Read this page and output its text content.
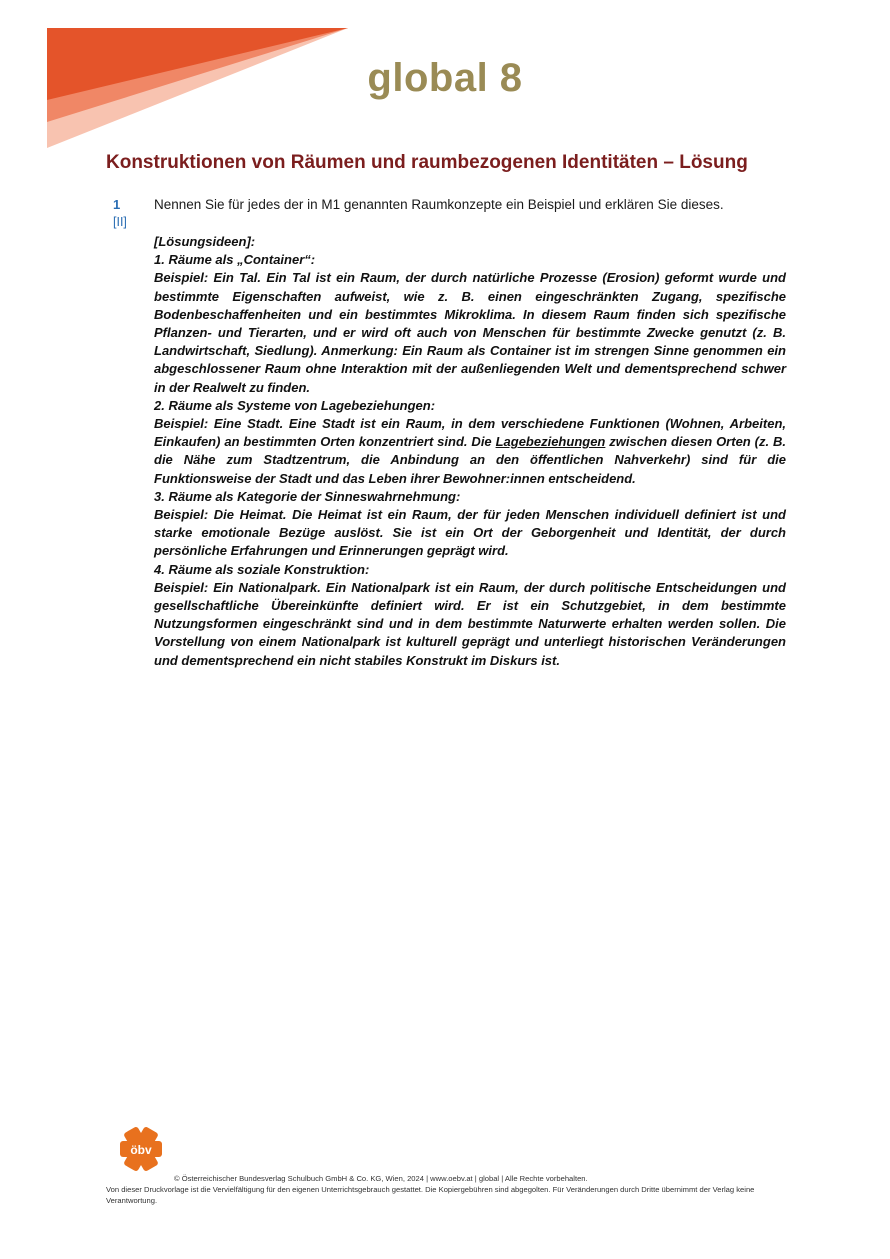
global 8
Konstruktionen von Räumen und raumbezogenen Identitäten – Lösung
1
[II]
Nennen Sie für jedes der in M1 genannten Raumkonzepte ein Beispiel und erklären Sie dieses.
[Lösungsideen]:
1. Räume als „Container“:
Beispiel: Ein Tal. Ein Tal ist ein Raum, der durch natürliche Prozesse (Erosion) geformt wurde und bestimmte Eigenschaften aufweist, wie z. B. einen eingeschränkten Zugang, spezifische Bodenbeschaffenheiten und ein bestimmtes Mikroklima. In diesem Raum finden sich spezifische Pflanzen- und Tierarten, und er wird oft auch von Menschen für bestimmte Zwecke genutzt (z. B. Landwirtschaft, Siedlung). Anmerkung: Ein Raum als Container ist im strengen Sinne genommen ein abgeschlossener Raum ohne Interaktion mit der außenliegenden Welt und dementsprechend schwer in der Realwelt zu finden.
2. Räume als Systeme von Lagebeziehungen:
Beispiel: Eine Stadt. Eine Stadt ist ein Raum, in dem verschiedene Funktionen (Wohnen, Arbeiten, Einkaufen) an bestimmten Orten konzentriert sind. Die Lagebeziehungen zwischen diesen Orten (z. B. die Nähe zum Stadtzentrum, die Anbindung an den öffentlichen Nahverkehr) sind für die Funktionsweise der Stadt und das Leben ihrer Bewohner:innen entscheidend.
3. Räume als Kategorie der Sinneswahrnehmung:
Beispiel: Die Heimat. Die Heimat ist ein Raum, der für jeden Menschen individuell definiert ist und starke emotionale Bezüge auslöst. Sie ist ein Ort der Geborgenheit und Identität, der durch persönliche Erfahrungen und Erinnerungen geprägt wird.
4. Räume als soziale Konstruktion:
Beispiel: Ein Nationalpark. Ein Nationalpark ist ein Raum, der durch politische Entscheidungen und gesellschaftliche Übereinkünfte definiert wird. Er ist ein Schutzgebiet, in dem bestimmte Nutzungsformen eingeschränkt sind und in dem bestimmte Naturwerte erhalten werden sollen. Die Vorstellung von einem Nationalpark ist kulturell geprägt und unterliegt historischen Veränderungen und dementsprechend ein nicht stabiles Konstrukt im Diskurs ist.
öbv
© Österreichischer Bundesverlag Schulbuch GmbH & Co. KG, Wien, 2024 | www.oebv.at | global | Alle Rechte vorbehalten.
Von dieser Druckvorlage ist die Vervielfältigung für den eigenen Unterrichtsgebrauch gestattet. Die Kopiergebühren sind abgegolten. Für Veränderungen durch Dritte übernimmt der Verlag keine Verantwortung.
